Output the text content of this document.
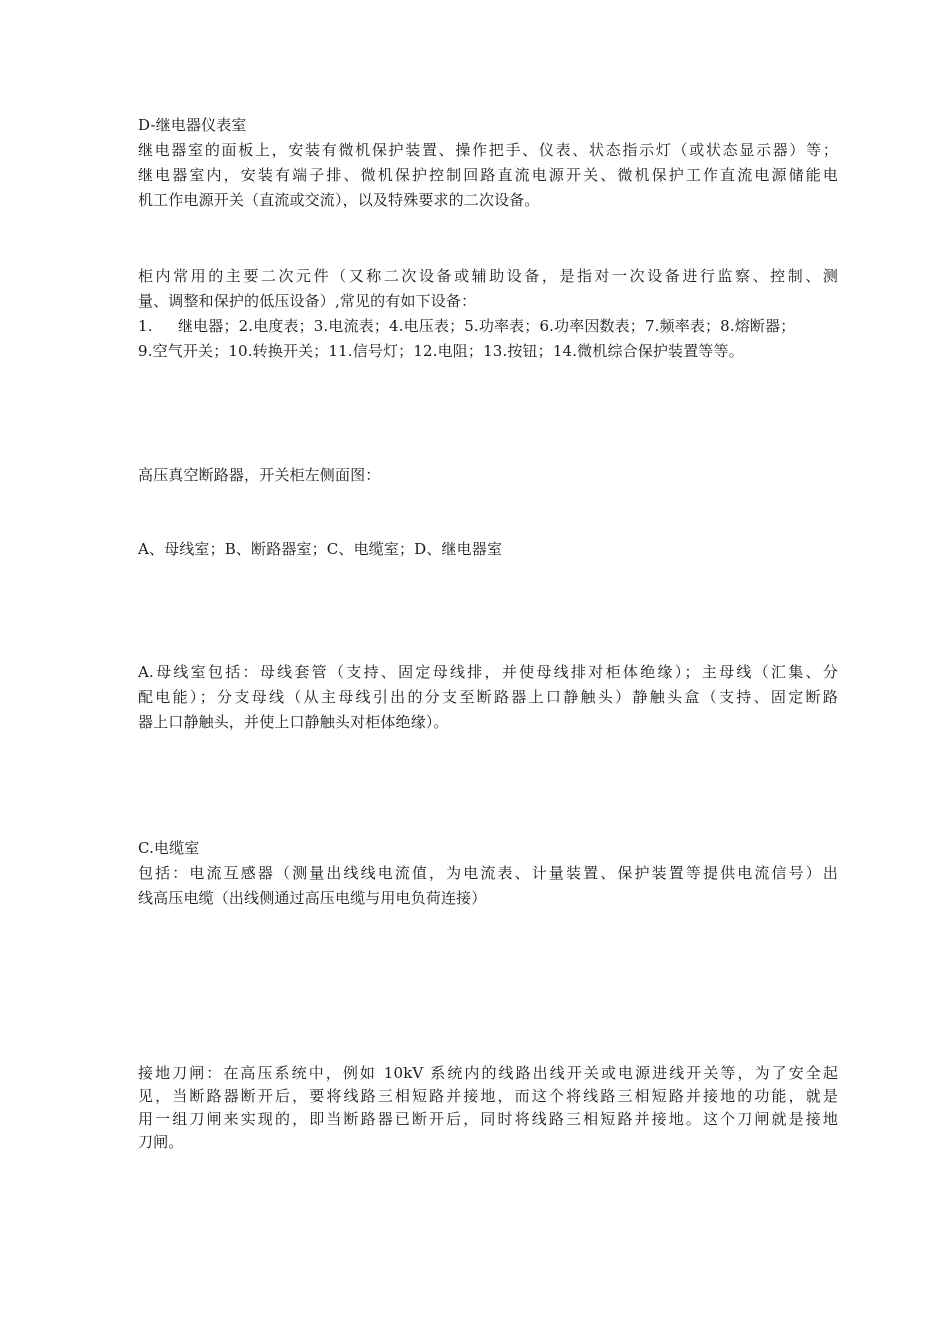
D-继电器仪表室
继电器室的面板上，安装有微机保护装置、操作把手、仪表、状态指示灯（或状态显示器）等；
继电器室内，安装有端子排、微机保护控制回路直流电源开关、微机保护工作直流电源储能电
机工作电源开关（直流或交流），以及特殊要求的二次设备。
柜内常用的主要二次元件（又称二次设备或辅助设备，是指对一次设备进行监察、控制、测
量、调整和保护的低压设备）,常见的有如下设备：
1. 继电器；2.电度表；3.电流表；4.电压表；5.功率表；6.功率因数表；7.频率表；8.熔断器；
9.空气开关；10.转换开关；11.信号灯；12.电阻；13.按钮；14.微机综合保护装置等等。
高压真空断路器，开关柜左侧面图：
A、母线室；B、断路器室；C、电缆室；D、继电器室
A.母线室包括：母线套管（支持、固定母线排，并使母线排对柜体绝缘）；主母线（汇集、分
配电能）；分支母线（从主母线引出的分支至断路器上口静触头）静触头盒（支持、固定断路
器上口静触头，并使上口静触头对柜体绝缘）。
C.电缆室
包括：电流互感器（测量出线线电流值，为电流表、计量装置、保护装置等提供电流信号）出
线高压电缆（出线侧通过高压电缆与用电负荷连接）
接地刀闸：在高压系统中，例如 10kV 系统内的线路出线开关或电源进线开关等，为了安全起
见，当断路器断开后，要将线路三相短路并接地，而这个将线路三相短路并接地的功能，就是
用一组刀闸来实现的，即当断路器已断开后，同时将线路三相短路并接地。这个刀闸就是接地
刀闸。
